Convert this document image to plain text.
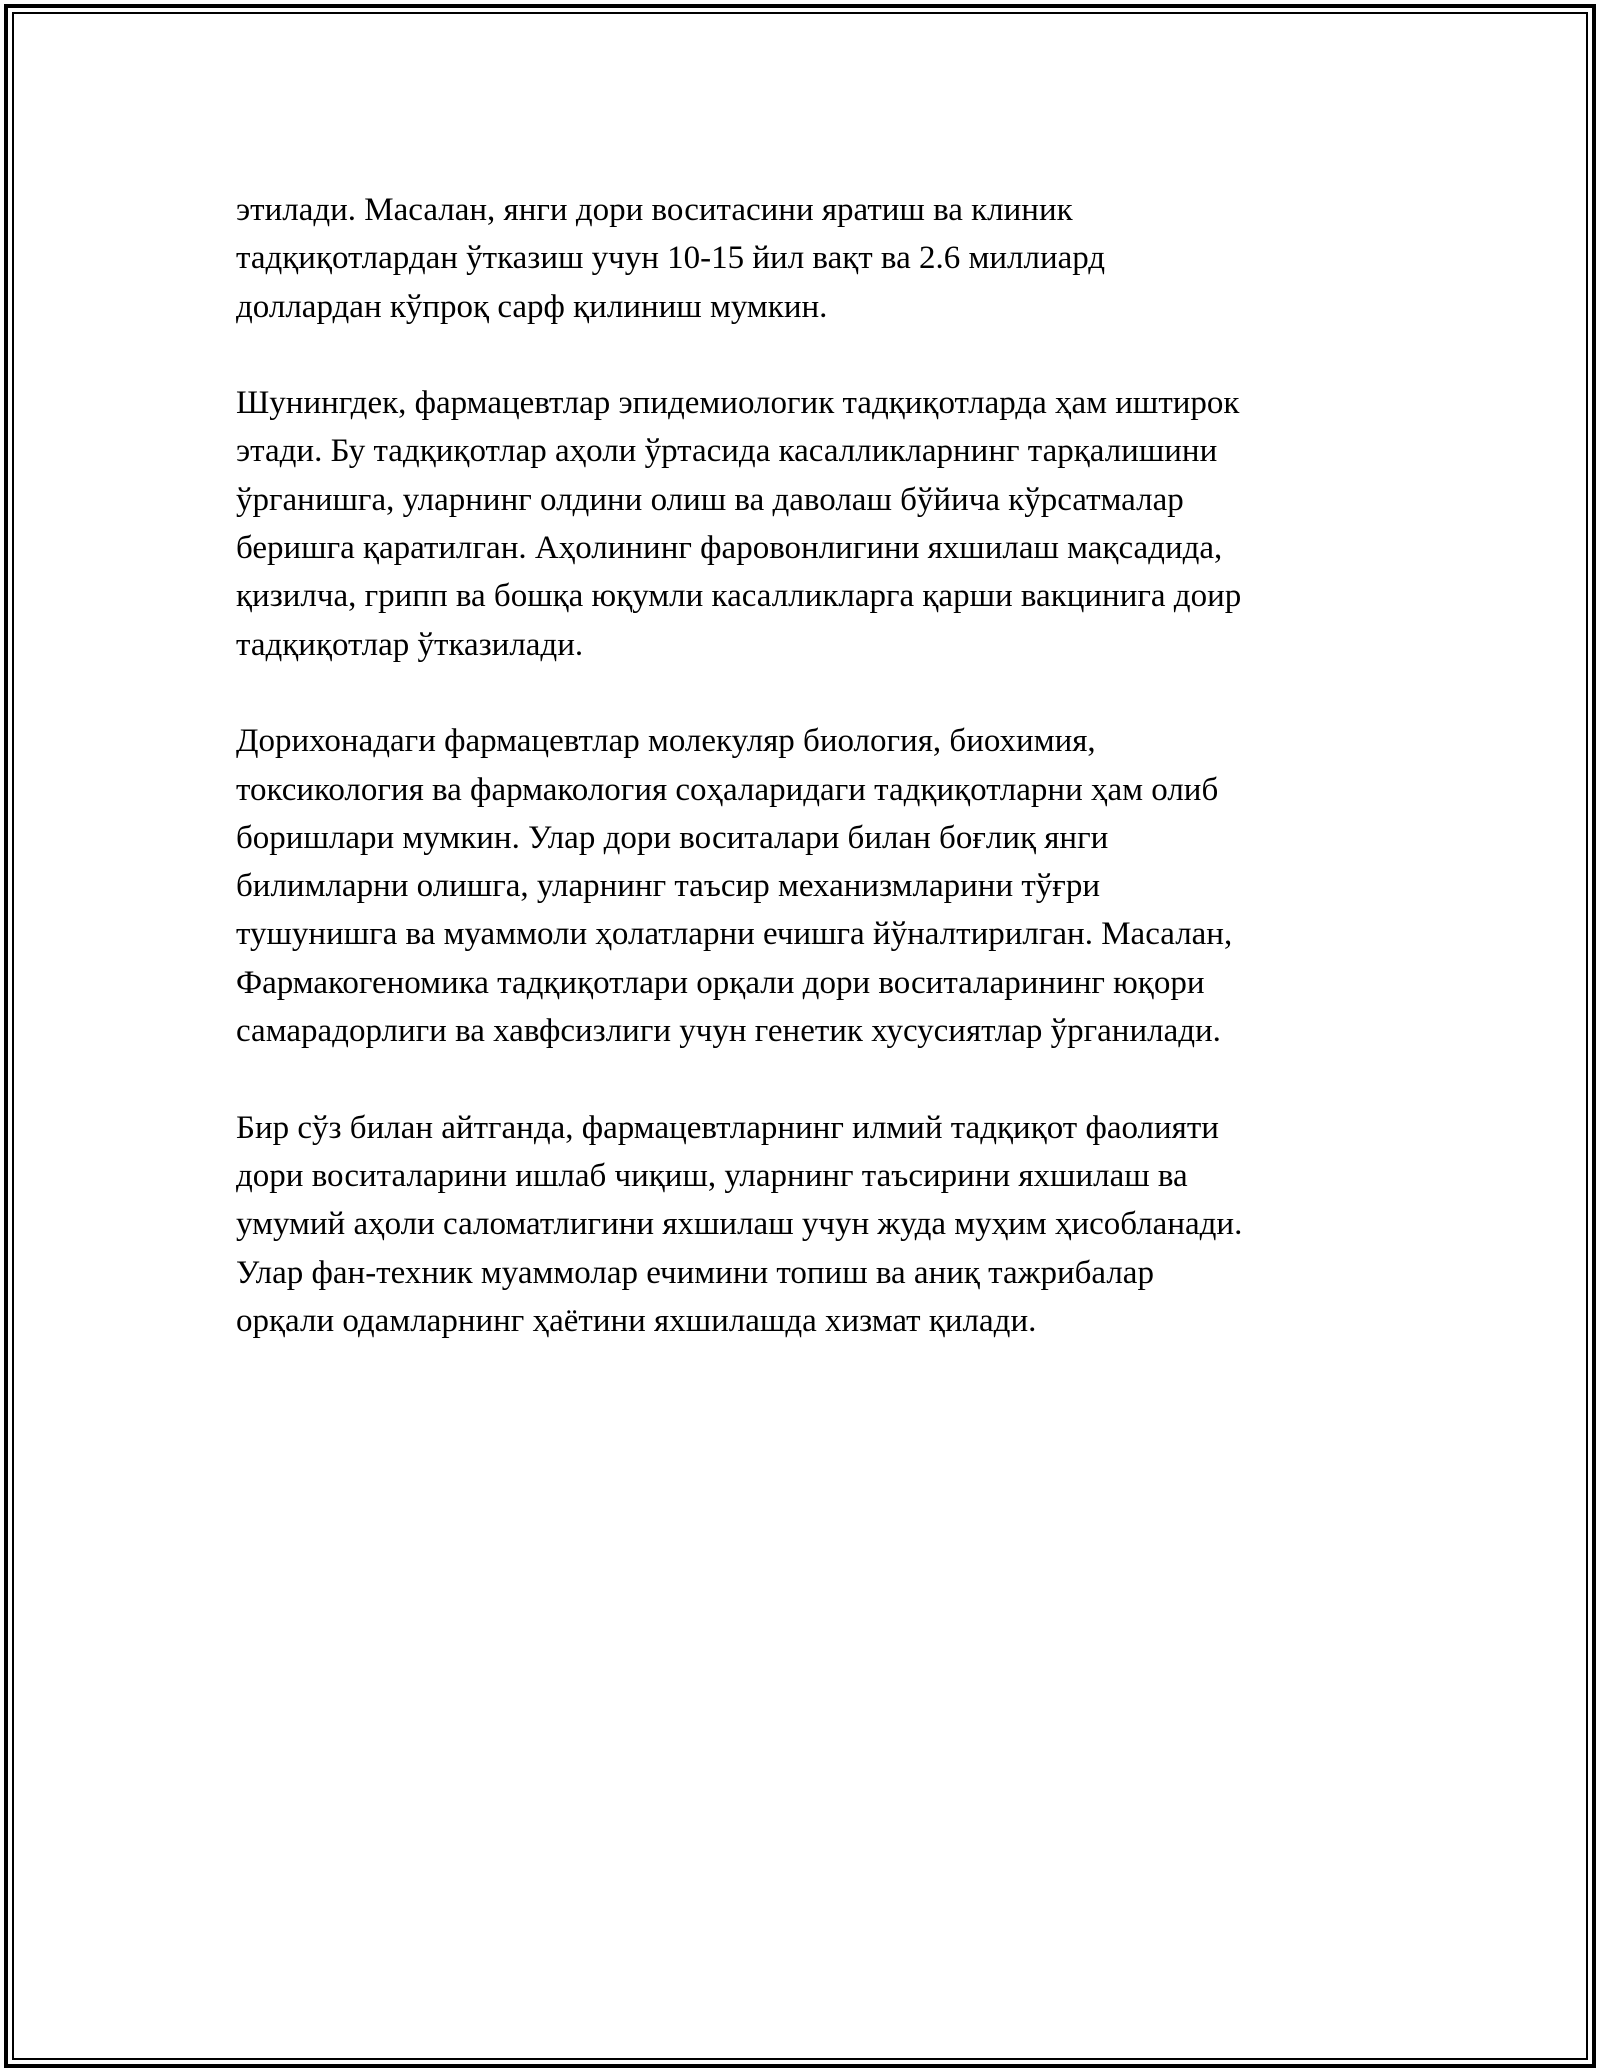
этилади. Масалан, янги дори воситасини яратиш ва клиник
тадқиқотлардан ўтказиш учун 10-15 йил вақт ва 2.6 миллиард
доллардан кўпроқ сарф қилиниш мумкин.

Шунингдек, фармацевтлар эпидемиологик тадқиқотларда ҳам иштирок
этади. Бу тадқиқотлар аҳоли ўртасида касалликларнинг тарқалишини
ўрганишга, уларнинг олдини олиш ва даволаш бўйича кўрсатмалар
беришга қаратилган. Аҳолининг фаровонлигини яхшилаш мақсадида,
қизилча, грипп ва бошқа юқумли касалликларга қарши вакцинига доир
тадқиқотлар ўтказилади.

Дорихонадаги фармацевтлар молекуляр биология, биохимия,
токсикология ва фармакология соҳаларидаги тадқиқотларни ҳам олиб
боришлари мумкин. Улар дори воситалари билан боғлиқ янги
билимларни олишга, уларнинг таъсир механизмларини тўғри
тушунишга ва муаммоли ҳолатларни ечишга йўналтирилган. Масалан,
Фармакогеномика тадқиқотлари орқали дори воситаларининг юқори
самарадорлиги ва хавфсизлиги учун генетик хусусиятлар ўрганилади.

Бир сўз билан айтганда, фармацевтларнинг илмий тадқиқот фаолияти
дори воситаларини ишлаб чиқиш, уларнинг таъсирини яхшилаш ва
умумий аҳоли саломатлигини яхшилаш учун жуда муҳим ҳисобланади.
Улар фан-техник муаммолар ечимини топиш ва аниқ тажрибалар
орқали одамларнинг ҳаётини яхшилашда хизмат қилади.
